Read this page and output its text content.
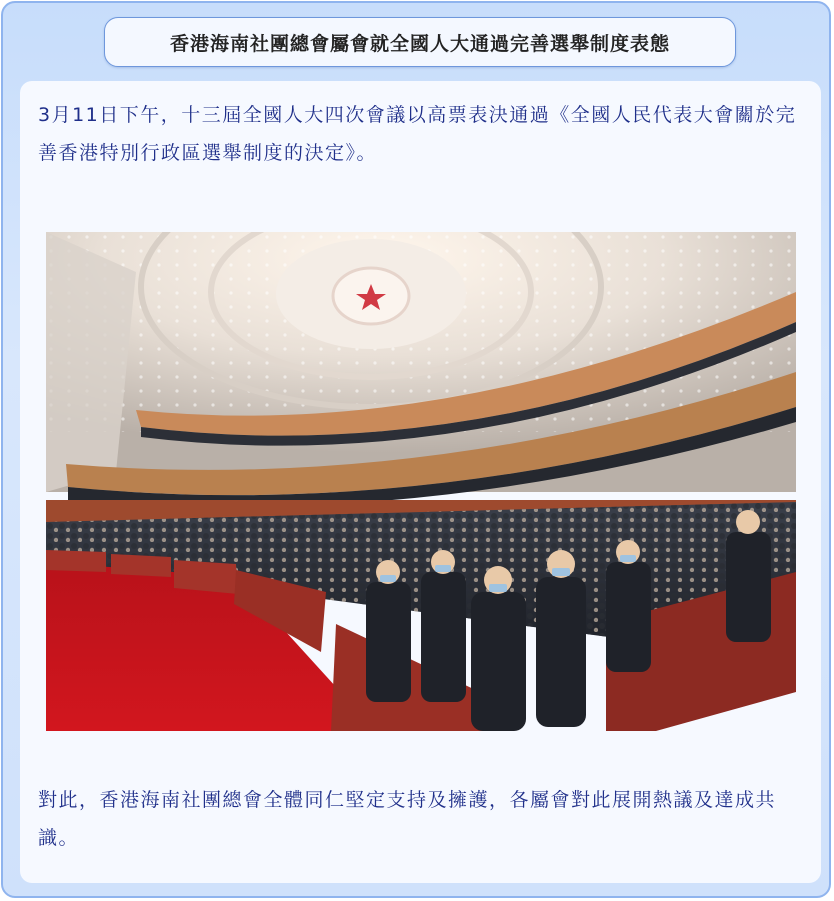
香港海南社團總會屬會就全國人大通過完善選舉制度表態

3月11日下午，十三屆全國人大四次會議以高票表決通過《全國人民代表大會關於完善香港特別行政區選舉制度的決定》。

對此，香港海南社團總會全體同仁堅定支持及擁護，各屬會對此展開熱議及達成共識。
